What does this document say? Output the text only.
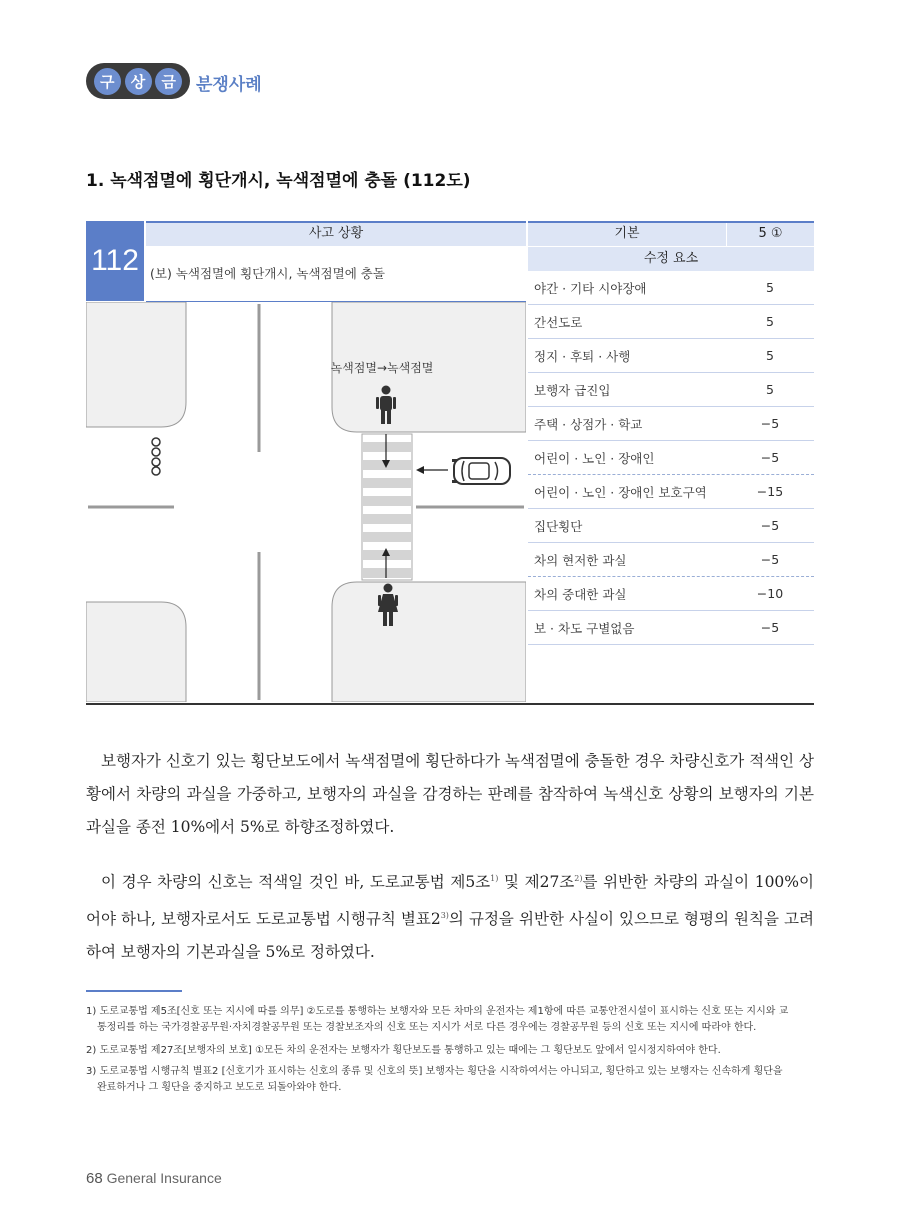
구	상	금	분쟁사례
1. 녹색점멸에 횡단개시, 녹색점멸에 충돌 (112도)
112
사고 상황
(보) 녹색점멸에 횡단개시, 녹색점멸에 충돌
녹색점멸→녹색점멸
기본	5 ①
수정 요소
야간 · 기타 시야장애	5
간선도로	5
정지 · 후퇴 · 사행	5
보행자 급진입	5
주택 · 상점가 · 학교	−5
어린이 · 노인 · 장애인	−5
어린이 · 노인 · 장애인 보호구역	−15
집단횡단	−5
차의 현저한 과실	−5
차의 중대한 과실	−10
보 · 차도 구별없음	−5
보행자가 신호기 있는 횡단보도에서 녹색점멸에 횡단하다가 녹색점멸에 충돌한 경우 차량신호가 적색인 상황에서 차량의 과실을 가중하고, 보행자의 과실을 감경하는 판례를 참작하여 녹색신호 상황의 보행자의 기본과실을 종전 10%에서 5%로 하향조정하였다.
이 경우 차량의 신호는 적색일 것인 바, 도로교통법 제5조$^{1)}$ 및 제27조$^{2)}$를 위반한 차량의 과실이 100%이어야 하나, 보행자로서도 도로교통법 시행규칙 별표2$^{3)}$의 규정을 위반한 사실이 있으므로 형평의 원칙을 고려하여 보행자의 기본과실을 5%로 정하였다.
1) 도로교통법 제5조[신호 또는 지시에 따를 의무] ②도로를 통행하는 보행자와 모든 차마의 운전자는 제1항에 따른 교통안전시설이 표시하는 신호 또는 지시와 교
통정리를 하는 국가경찰공무원·자치경찰공무원 또는 경찰보조자의 신호 또는 지시가 서로 다른 경우에는 경찰공무원 등의 신호 또는 지시에 따라야 한다.
2) 도로교통법 제27조[보행자의 보호] ①모든 차의 운전자는 보행자가 횡단보도를 통행하고 있는 때에는 그 횡단보도 앞에서 일시정지하여야 한다.
3) 도로교통법 시행규칙 별표2 [신호기가 표시하는 신호의 종류 및 신호의 뜻] 보행자는 횡단을 시작하여서는 아니되고, 횡단하고 있는 보행자는 신속하게 횡단을
완료하거나 그 횡단을 중지하고 보도로 되돌아와야 한다.
68 General Insurance
